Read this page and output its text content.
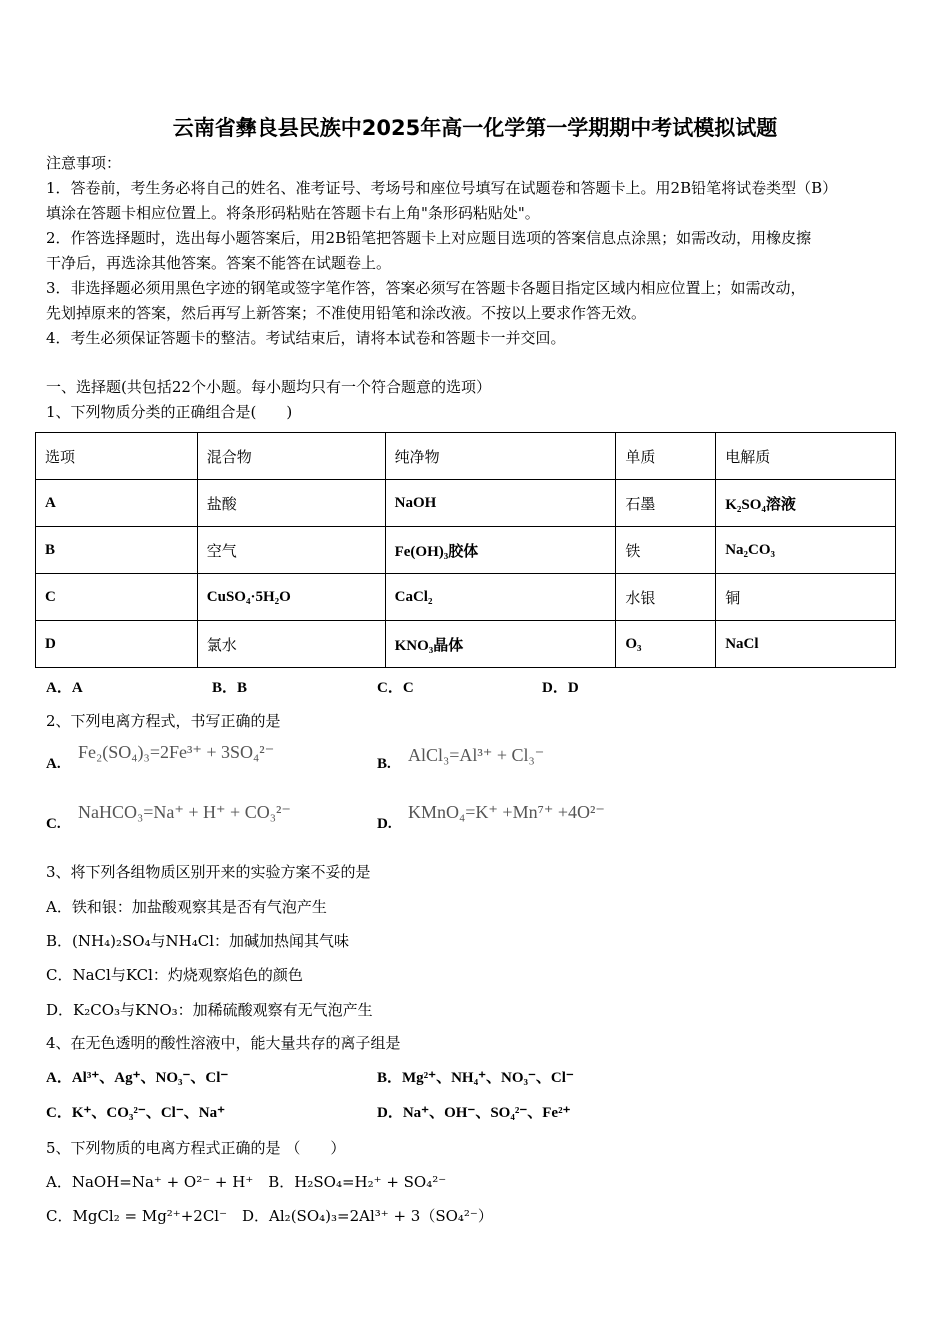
云南省彝良县民族中2025年高一化学第一学期期中考试模拟试题
注意事项：
1．答卷前，考生务必将自己的姓名、准考证号、考场号和座位号填写在试题卷和答题卡上。用2B铅笔将试卷类型（B）
填涂在答题卡相应位置上。将条形码粘贴在答题卡右上角"条形码粘贴处"。
2．作答选择题时，选出每小题答案后，用2B铅笔把答题卡上对应题目选项的答案信息点涂黑；如需改动，用橡皮擦
干净后，再选涂其他答案。答案不能答在试题卷上。
3．非选择题必须用黑色字迹的钢笔或签字笔作答，答案必须写在答题卡各题目指定区域内相应位置上；如需改动，
先划掉原来的答案，然后再写上新答案；不准使用铅笔和涂改液。不按以上要求作答无效。
4．考生必须保证答题卡的整洁。考试结束后，请将本试卷和答题卡一并交回。
一、选择题(共包括22个小题。每小题均只有一个符合题意的选项）
1、下列物质分类的正确组合是(　　)
选项	混合物	纯净物	单质	电解质
A	盐酸	NaOH	石墨	K₂SO₄溶液
B	空气	Fe(OH)₃胶体	铁	Na₂CO₃
C	CuSO₄·5H₂O	CaCl₂	水银	铜
D	氯水	KNO₃晶体	O₃	NaCl
A．A	B．B	C．C	D．D
2、下列电离方程式，书写正确的是
A.
Fe₂(SO₄)₃=2Fe³⁺ + 3SO₄²⁻
B. AlCl₃=Al³⁺ + Cl₃⁻
C.
NaHCO₃=Na⁺ + H⁺ + CO₃²⁻
D.
KMnO₄=K⁺ +Mn⁷⁺ +4O²⁻
3、将下列各组物质区别开来的实验方案不妥的是
A．铁和银：加盐酸观察其是否有气泡产生
B．(NH₄)₂SO₄与NH₄Cl：加碱加热闻其气味
C．NaCl与KCl：灼烧观察焰色的颜色
D．K₂CO₃与KNO₃：加稀硫酸观察有无气泡产生
4、在无色透明的酸性溶液中，能大量共存的离子组是
A．Al³⁺、Ag⁺、NO₃⁻、Cl⁻	B．Mg²⁺、NH₄⁺、NO₃⁻、Cl⁻
C．K⁺、CO₃²⁻、Cl⁻、Na⁺	D．Na⁺、OH⁻、SO₄²⁻、Fe²⁺
5、下列物质的电离方程式正确的是 （　　）
A．NaOH=Na⁺ + O²⁻ + H⁺　B．H₂SO₄=H₂⁺ + SO₄²⁻
C．MgCl₂ = Mg²⁺+2Cl⁻　D．Al₂(SO₄)₃=2Al³⁺ + 3（SO₄²⁻）
